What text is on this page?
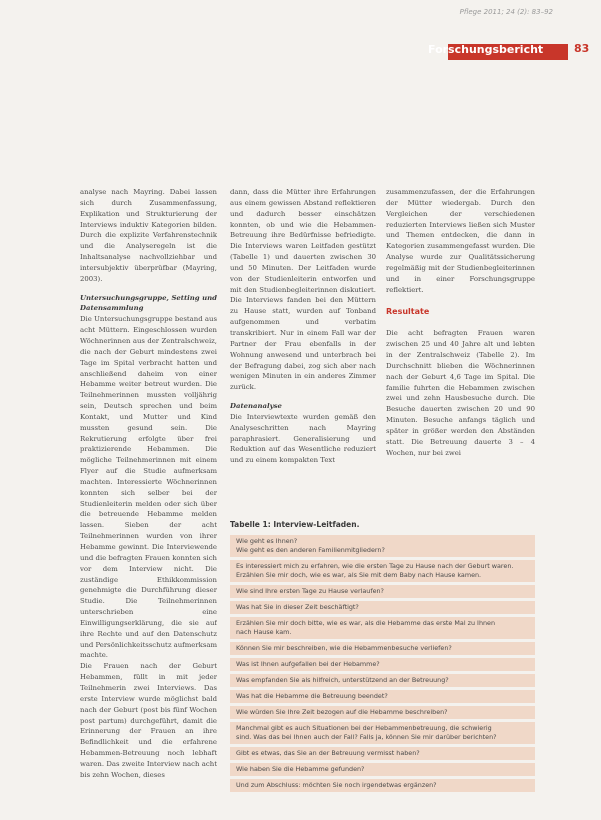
Pflege 2011; 24 (2): 83–92
Forschungsbericht	83

analyse nach Mayring. Dabei lassen sich durch Zusammenfassung, Explikation und Strukturierung der Interviews induktiv Kategorien bilden. Durch die explizite Verfahrenstechnik und die Analyseregeln ist die Inhaltsanalyse nachvollziehbar und intersubjektiv überprüfbar (Mayring, 2003).

Untersuchungsgruppe, Setting und Datensammlung

Die Untersuchungsgruppe bestand aus acht Müttern. Eingeschlossen wurden Wöchnerinnen aus der Zentralschweiz, die nach der Geburt mindestens zwei Tage im Spital verbracht hatten und anschließend daheim von einer Hebamme weiter betreut wurden. Die Teilnehmerinnen mussten volljährig sein, Deutsch sprechen und beim Kontakt, und Mutter und Kind mussten gesund sein. Die Rekrutierung erfolgte über frei praktizierende Hebammen. Die mögliche Teilnehmerinnen mit einem Flyer auf die Studie aufmerksam machten. Interessierte Wöchnerinnen konnten sich selber bei der Studienleiterin melden oder sich über die betreuende Hebamme melden lassen. Sieben der acht Teilnehmerinnen wurden von ihrer Hebamme gewinnt. Die Interviewende und die befragten Frauen konnten sich vor dem Interview nicht. Die zuständige Ethikkommission genehmigte die Durchführung dieser Studie. Die Teilnehmerinnen unterschrieben eine Einwilligungserklärung, die sie auf ihre Rechte und auf den Datenschutz und Persönlichkeitsschutz aufmerksam machte.

Die Frauen nach der Geburt Hebammen, füllt in mit jeder Teilnehmerin zwei Interviews. Das erste Interview wurde möglichst bald nach der Geburt (post bis fünf Wochen post partum) durchgeführt, damit die Erinnerung der Frauen an ihre Befindlichkeit und die erfahrene Hebammen-Betreuung noch lebhaft waren. Das zweite Interview nach acht bis zehn Wochen, dieses

dann, dass die Mütter ihre Erfahrungen aus einem gewissen Abstand reflektieren und dadurch besser einschätzen konnten, ob und wie die Hebammen-Betreuung ihre Bedürfnisse befriedigte. Die Interviews waren Leitfaden gestützt (Tabelle 1) und dauerten zwischen 30 und 50 Minuten. Der Leitfaden wurde von der Studienleiterin entworfen und mit den Studienbegleiterinnen diskutiert. Die Interviews fanden bei den Müttern zu Hause statt, wurden auf Tonband aufgenommen und verbatim transkribiert. Nur in einem Fall war der Partner der Frau ebenfalls in der Wohnung anwesend und unterbrach bei der Befragung dabei, zog sich aber nach wenigen Minuten in ein anderes Zimmer zurück.

Datenanalyse

Die Interviewtexte wurden gemäß den Analyseschritten nach Mayring paraphrasiert. Generalisierung und Reduktion auf das Wesentliche reduziert und zu einem kompakten Text

zusammenzufassen, der die Erfahrungen der Mütter wiedergab. Durch den Vergleichen der verschiedenen reduzierten Interviews ließen sich Muster und Themen entdecken, die dann in Kategorien zusammengefasst wurden. Die Analyse wurde zur Qualitätssicherung regelmäßig mit der Studienbegleiterinnen und in einer Forschungsgruppe reflektiert.

Resultate

Die acht befragten Frauen waren zwischen 25 und 40 Jahre alt und lebten in der Zentralschweiz (Tabelle 2). Im Durchschnitt blieben die Wöchnerinnen nach der Geburt 4,6 Tage im Spital. Die familie fuhrten die Hebammen zwischen zwei und zehn Hausbesuche durch. Die Besuche dauerten zwischen 20 und 90 Minuten. Besuche anfangs täglich und später in größer werden den Abständen statt. Die Betreuung dauerte 3 – 4 Wochen, nur bei zwei

Tabelle 1: Interview-Leitfaden.

Wie geht es Ihnen?

Wie geht es den anderen Familienmitgliedern?

Es interessiert mich zu erfahren, wie die ersten Tage zu Hause nach der Geburt waren.

Erzählen Sie mir doch, wie es war, als Sie mit dem Baby nach Hause kamen.

Wie sind Ihre ersten Tage zu Hause verlaufen?

Was hat Sie in dieser Zeit beschäftigt?

Erzählen Sie mir doch bitte, wie es war, als die Hebamme das erste Mal zu Ihnen

nach Hause kam.

Können Sie mir beschreiben, wie die Hebammenbesuche verliefen?

Was ist Ihnen aufgefallen bei der Hebamme?

Was empfanden Sie als hilfreich, unterstützend an der Betreuung?

Was hat die Hebamme die Betreuung beendet?

Wie würden Sie Ihre Zeit bezogen auf die Hebamme beschreiben?

Manchmal gibt es auch Situationen bei der Hebammenbetreuung, die schwierig

sind. Was das bei Ihnen auch der Fall? Falls ja, können Sie mir darüber berichten?

Gibt es etwas, das Sie an der Betreuung vermisst haben?

Wie haben Sie die Hebamme gefunden?

Und zum Abschluss: möchten Sie noch irgendetwas ergänzen?
